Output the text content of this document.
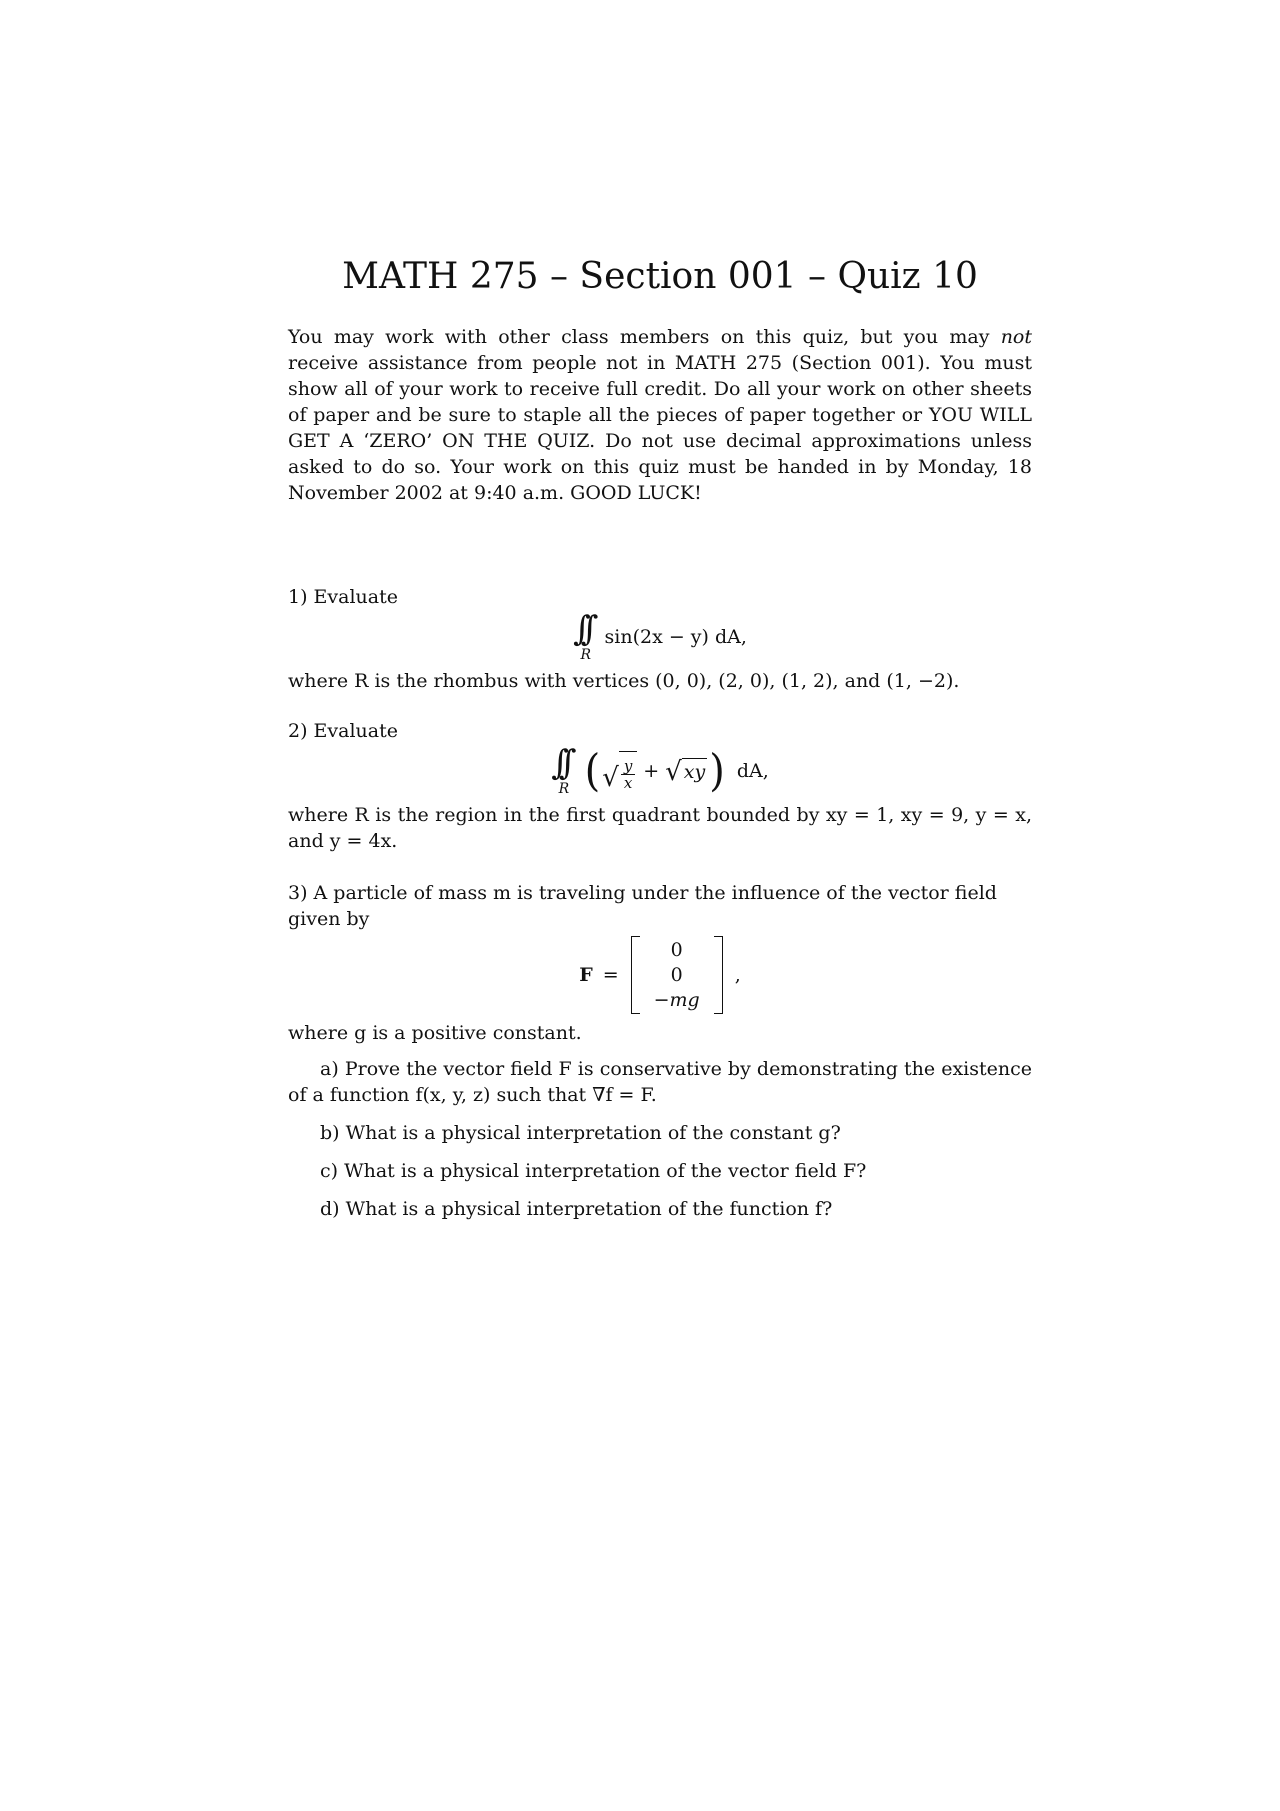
MATH 275 – Section 001 – Quiz 10

You may work with other class members on this quiz, but you may not receive assistance from people not in MATH 275 (Section 001). You must show all of your work to receive full credit. Do all your work on other sheets of paper and be sure to staple all the pieces of paper together or YOU WILL GET A ‘ZERO’ ON THE QUIZ. Do not use decimal approximations unless asked to do so. Your work on this quiz must be handed in by Monday, 18 November 2002 at 9:40 a.m. GOOD LUCK!

1) Evaluate

∫∫
R
sin(2x − y) dA,

where R is the rhombus with vertices (0, 0), (2, 0), (1, 2), and (1, −2).

2) Evaluate

∫∫
R ( √ $\frac{y}{x}$ + √ xy ) dA,

where R is the region in the first quadrant bounded by xy = 1, xy = 9, y = x, and y = 4x.

3) A particle of mass m is traveling under the influence of the vector field given by

F =
0
0
−mg
,

where g is a positive constant.

a) Prove the vector field F is conservative by demonstrating the existence of a function f(x, y, z) such that ∇f = F.

b) What is a physical interpretation of the constant g?

c) What is a physical interpretation of the vector field F?

d) What is a physical interpretation of the function f?
